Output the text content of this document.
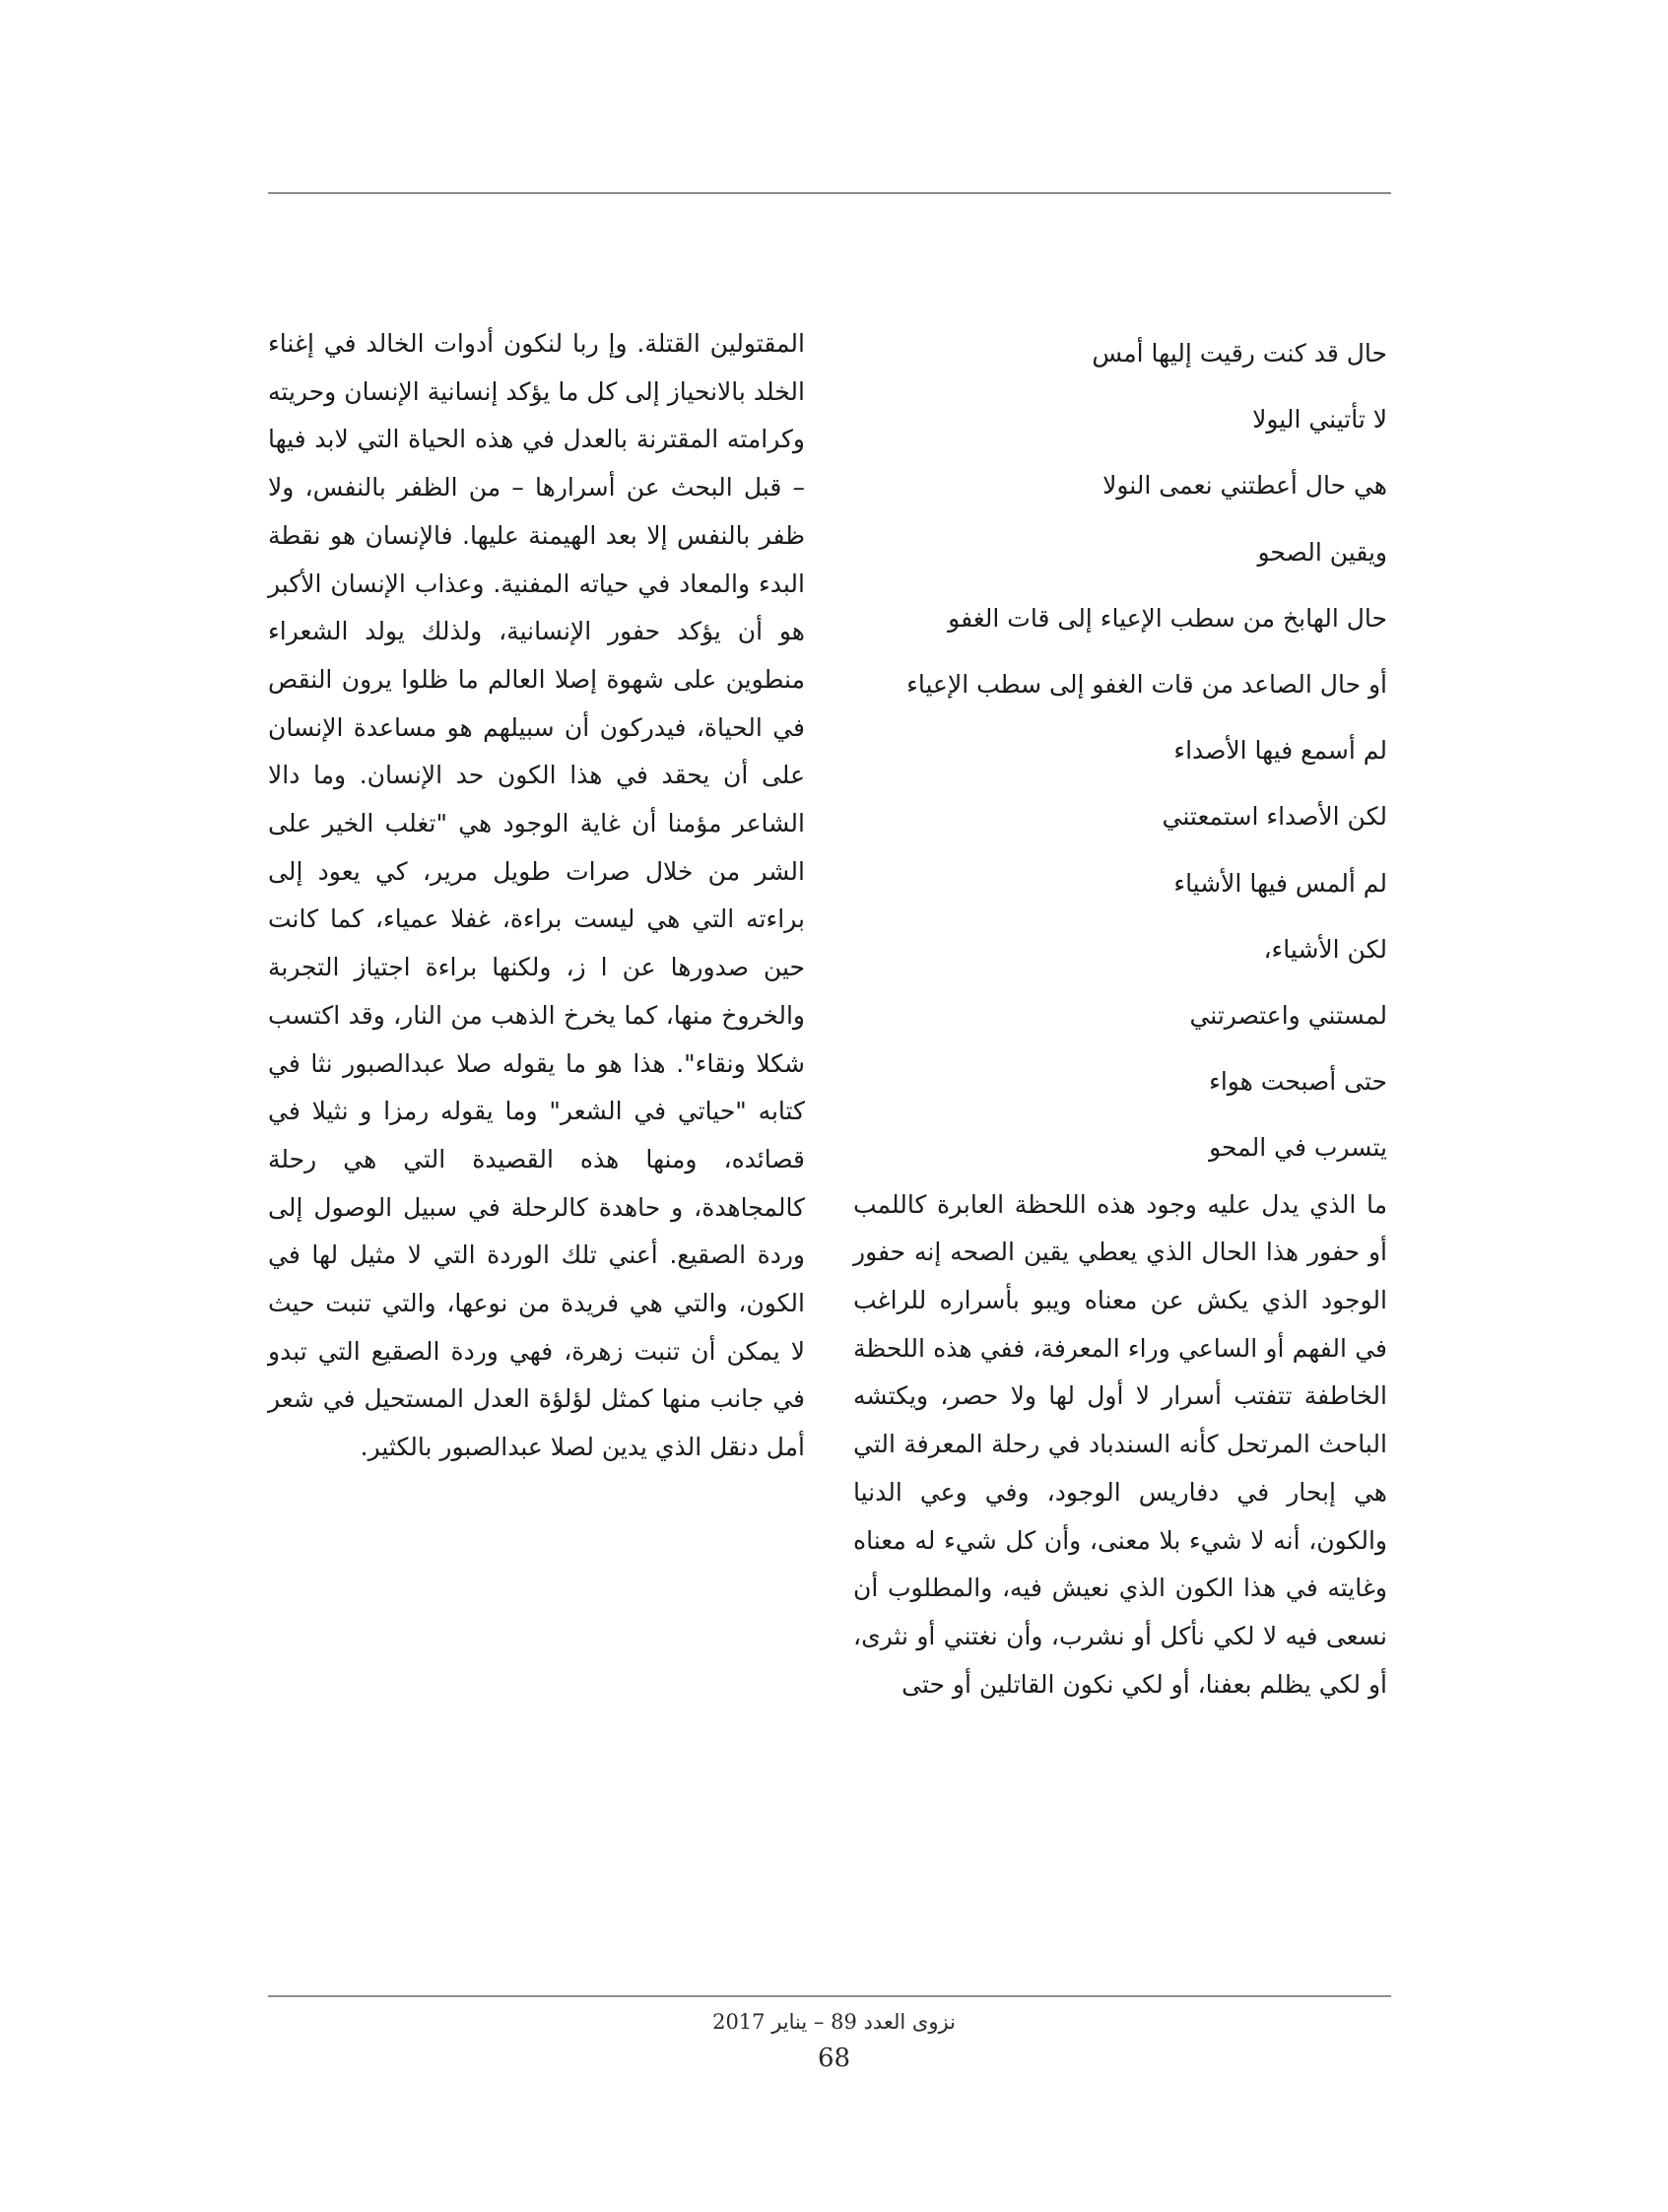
حال قد كنت رقيت إليها أمس
لا تأتيني اليولا
هي حال أعطتني نعمى النولا
ويقين الصحو
حال الهابخ من سطب الإعياء إلى قات الغفو
أو حال الصاعد من قات الغفو إلى سطب الإعياء
لم أسمع فيها الأصداء
لكن الأصداء استمعتني
لم ألمس فيها الأشياء
لكن الأشياء،
لمستني واعتصرتني
حتى أصبحت هواء
يتسرب في المحو

ما الذي يدل عليه وجود هذه اللحظة العابرة كاللمب أو حفور هذا الحال الذي يعطي يقين الصحه إنه حفور الوجود الذي يكش عن معناه ويبو بأسراره للراغب في الفهم أو الساعي وراء المعرفة، ففي هذه اللحظة الخاطفة تتفتب أسرار لا أول لها ولا حصر، ويكتشه الباحث المرتحل كأنه السندباد في رحلة المعرفة التي هي إبحار في دفاريس الوجود، وفي وعي الدنيا والكون، أنه لا شيء بلا معنى، وأن كل شيء له معناه وغايته في هذا الكون الذي نعيش فيه، والمطلوب أن نسعى فيه لا لكي نأكل أو نشرب، وأن نغتني أو نثرى، أو لكي يظلم بعفنا، أو لكي نكون القاتلين أو حتى

المقتولين القتلة. وإ ربا لنكون أدوات الخالد في إغناء الخلد بالانحياز إلى كل ما يؤكد إنسانية الإنسان وحريته وكرامته المقترنة بالعدل في هذه الحياة التي لابد فيها – قبل البحث عن أسرارها – من الظفر بالنفس، ولا ظفر بالنفس إلا بعد الهيمنة عليها. فالإنسان هو نقطة البدء والمعاد في حياته المفنية. وعذاب الإنسان الأكبر هو أن يؤكد حفور الإنسانية، ولذلك يولد الشعراء منطوين على شهوة إصلا العالم ما ظلوا يرون النقص في الحياة، فيدركون أن سبيلهم هو مساعدة الإنسان على أن يحقد في هذا الكون حد الإنسان. وما دالا الشاعر مؤمنا أن غاية الوجود هي "تغلب الخير على الشر من خلال صرات طويل مرير، كي يعود إلى براءته التي هي ليست براءة، غفلا عمياء، كما كانت حين صدورها عن ا ز، ولكنها براءة اجتياز التجربة والخروخ منها، كما يخرخ الذهب من النار، وقد اكتسب شكلا ونقاء". هذا هو ما يقوله صلا عبدالصبور نثا في كتابه "حياتي في الشعر" وما يقوله رمزا و نثيلا في قصائده، ومنها هذه القصيدة التي هي رحلة كالمجاهدة، و حاهدة كالرحلة في سبيل الوصول إلى وردة الصقيع. أعني تلك الوردة التي لا مثيل لها في الكون، والتي هي فريدة من نوعها، والتي تنبت حيث لا يمكن أن تنبت زهرة، فهي وردة الصقيع التي تبدو في جانب منها كمثل لؤلؤة العدل المستحيل في شعر أمل دنقل الذي يدين لصلا عبدالصبور بالكثير.

نزوى العدد 89 – يناير 2017
68
